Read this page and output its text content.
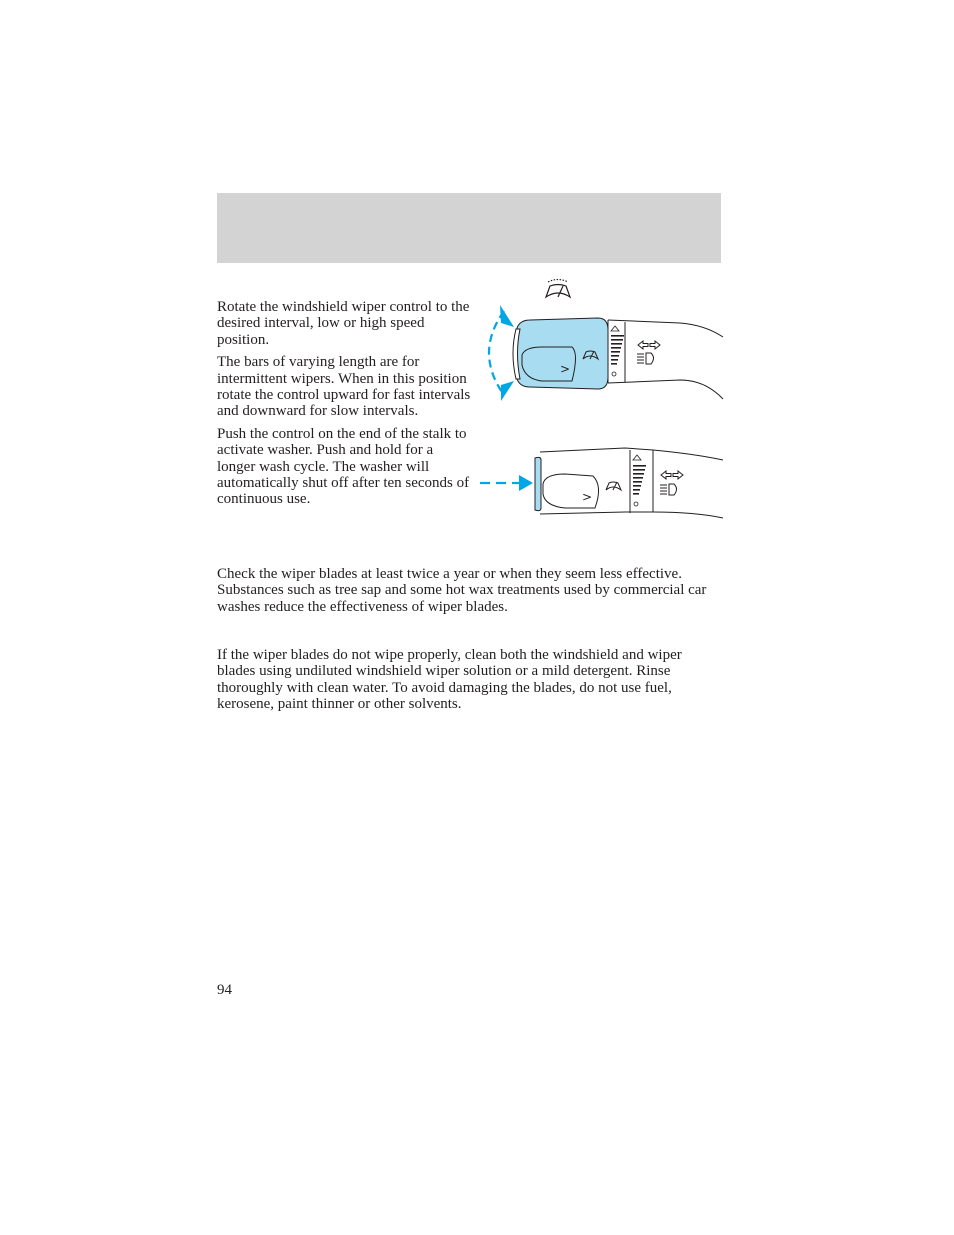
Rotate the windshield wiper control to the desired interval, low or high speed position.

The bars of varying length are for intermittent wipers. When in this position rotate the control upward for fast intervals and downward for slow intervals.

Push the control on the end of the stalk to activate washer. Push and hold for a longer wash cycle. The washer will automatically shut off after ten seconds of continuous use.

>
>

Check the wiper blades at least twice a year or when they seem less effective. Substances such as tree sap and some hot wax treatments used by commercial car washes reduce the effectiveness of wiper blades.

If the wiper blades do not wipe properly, clean both the windshield and wiper blades using undiluted windshield wiper solution or a mild detergent. Rinse thoroughly with clean water. To avoid damaging the blades, do not use fuel, kerosene, paint thinner or other solvents.

94
